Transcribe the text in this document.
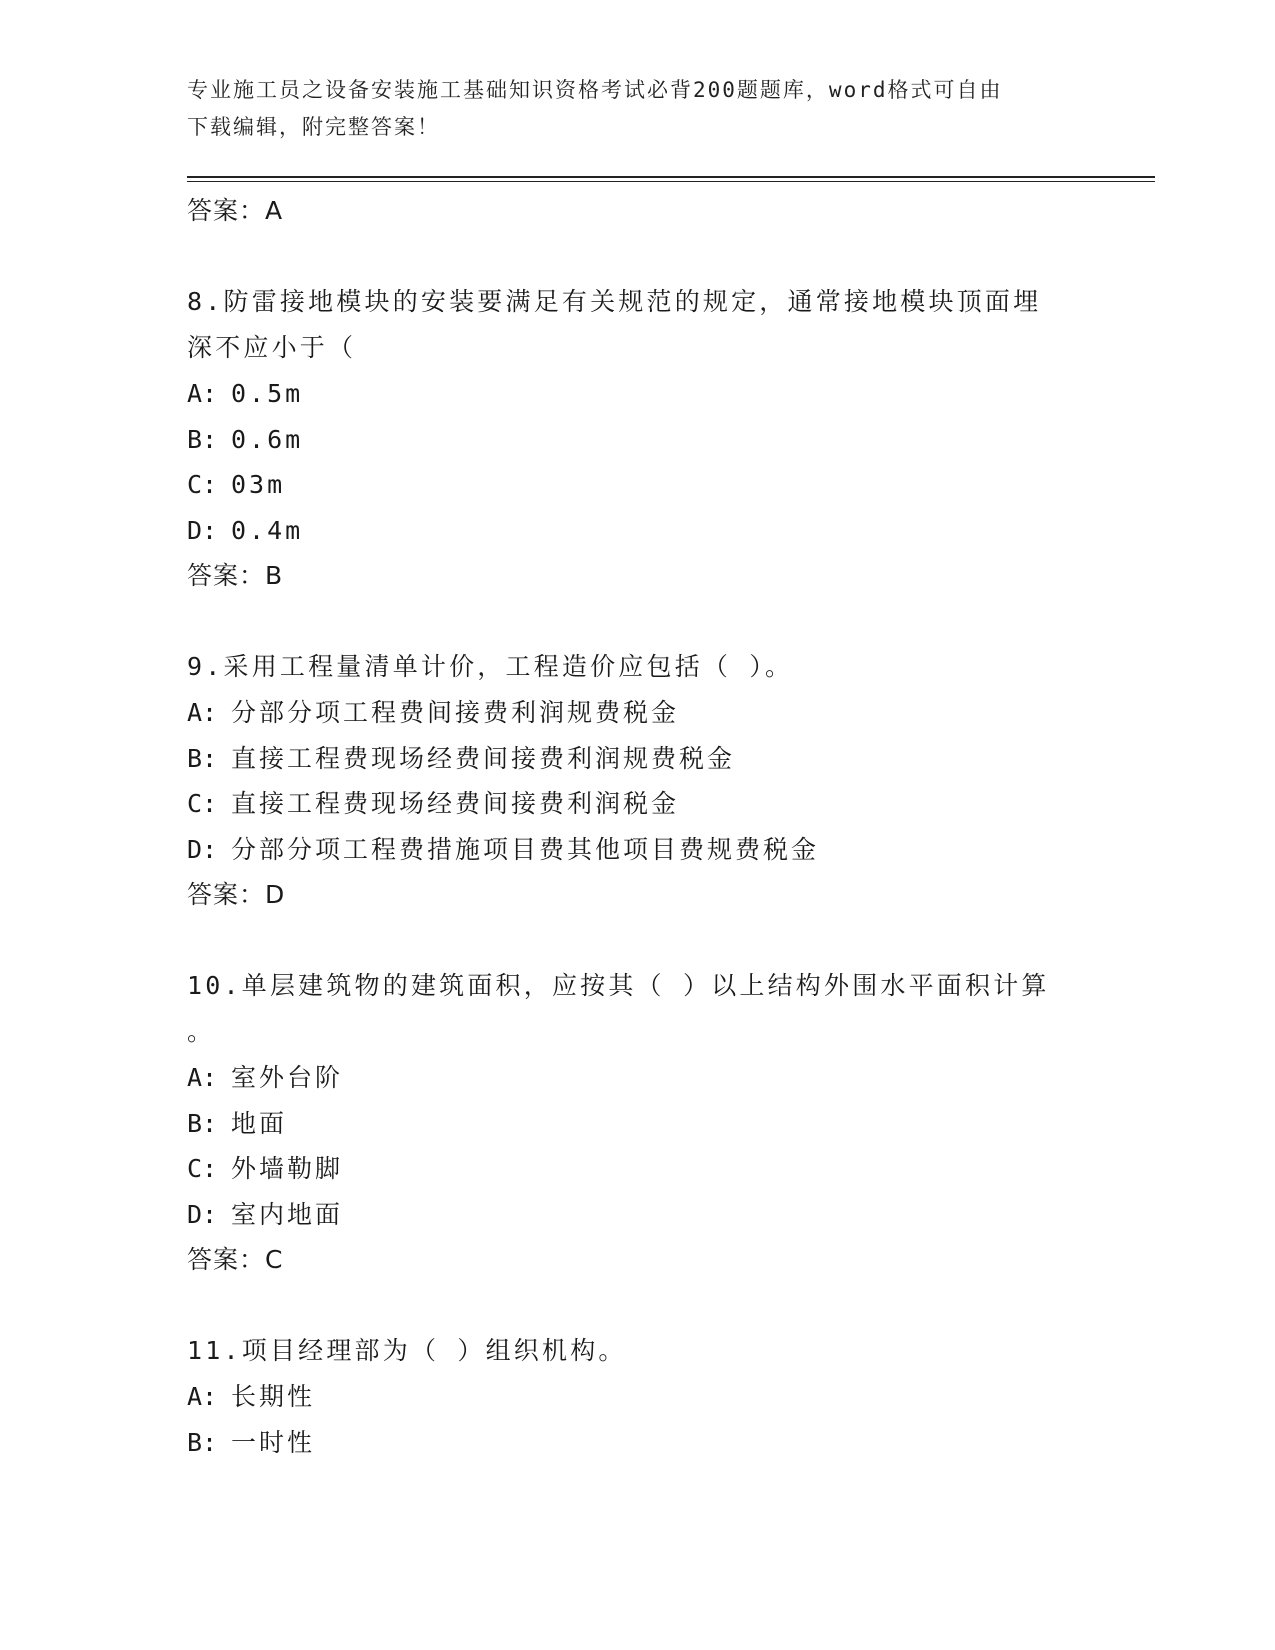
专业施工员之设备安装施工基础知识资格考试必背200题题库，word格式可自由
下载编辑，附完整答案！
答案：A
8.防雷接地模块的安装要满足有关规范的规定，通常接地模块顶面埋
深不应小于（
A: 0.5m
B: 0.6m
C: 03m
D: 0.4m
答案：B
9.采用工程量清单计价，工程造价应包括（ ）。
A: 分部分项工程费间接费利润规费税金
B: 直接工程费现场经费间接费利润规费税金
C: 直接工程费现场经费间接费利润税金
D: 分部分项工程费措施项目费其他项目费规费税金
答案：D
10.单层建筑物的建筑面积，应按其（ ）以上结构外围水平面积计算
。
A: 室外台阶
B: 地面
C: 外墙勒脚
D: 室内地面
答案：C
11.项目经理部为（ ）组织机构。
A: 长期性
B: 一时性
